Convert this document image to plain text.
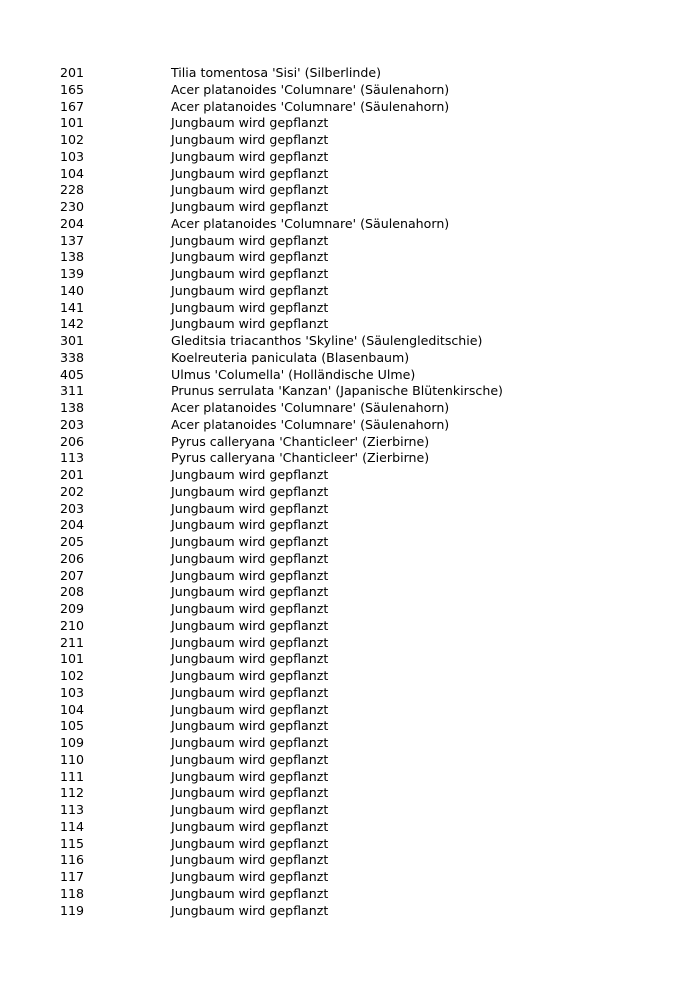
201	Tilia tomentosa 'Sisi' (Silberlinde)
165	Acer platanoides 'Columnare' (Säulenahorn)
167	Acer platanoides 'Columnare' (Säulenahorn)
101	Jungbaum wird gepflanzt
102	Jungbaum wird gepflanzt
103	Jungbaum wird gepflanzt
104	Jungbaum wird gepflanzt
228	Jungbaum wird gepflanzt
230	Jungbaum wird gepflanzt
204	Acer platanoides 'Columnare' (Säulenahorn)
137	Jungbaum wird gepflanzt
138	Jungbaum wird gepflanzt
139	Jungbaum wird gepflanzt
140	Jungbaum wird gepflanzt
141	Jungbaum wird gepflanzt
142	Jungbaum wird gepflanzt
301	Gleditsia triacanthos 'Skyline' (Säulengleditschie)
338	Koelreuteria paniculata (Blasenbaum)
405	Ulmus 'Columella' (Holländische Ulme)
311	Prunus serrulata 'Kanzan' (Japanische Blütenkirsche)
138	Acer platanoides 'Columnare' (Säulenahorn)
203	Acer platanoides 'Columnare' (Säulenahorn)
206	Pyrus calleryana 'Chanticleer' (Zierbirne)
113	Pyrus calleryana 'Chanticleer' (Zierbirne)
201	Jungbaum wird gepflanzt
202	Jungbaum wird gepflanzt
203	Jungbaum wird gepflanzt
204	Jungbaum wird gepflanzt
205	Jungbaum wird gepflanzt
206	Jungbaum wird gepflanzt
207	Jungbaum wird gepflanzt
208	Jungbaum wird gepflanzt
209	Jungbaum wird gepflanzt
210	Jungbaum wird gepflanzt
211	Jungbaum wird gepflanzt
101	Jungbaum wird gepflanzt
102	Jungbaum wird gepflanzt
103	Jungbaum wird gepflanzt
104	Jungbaum wird gepflanzt
105	Jungbaum wird gepflanzt
109	Jungbaum wird gepflanzt
110	Jungbaum wird gepflanzt
111	Jungbaum wird gepflanzt
112	Jungbaum wird gepflanzt
113	Jungbaum wird gepflanzt
114	Jungbaum wird gepflanzt
115	Jungbaum wird gepflanzt
116	Jungbaum wird gepflanzt
117	Jungbaum wird gepflanzt
118	Jungbaum wird gepflanzt
119	Jungbaum wird gepflanzt
